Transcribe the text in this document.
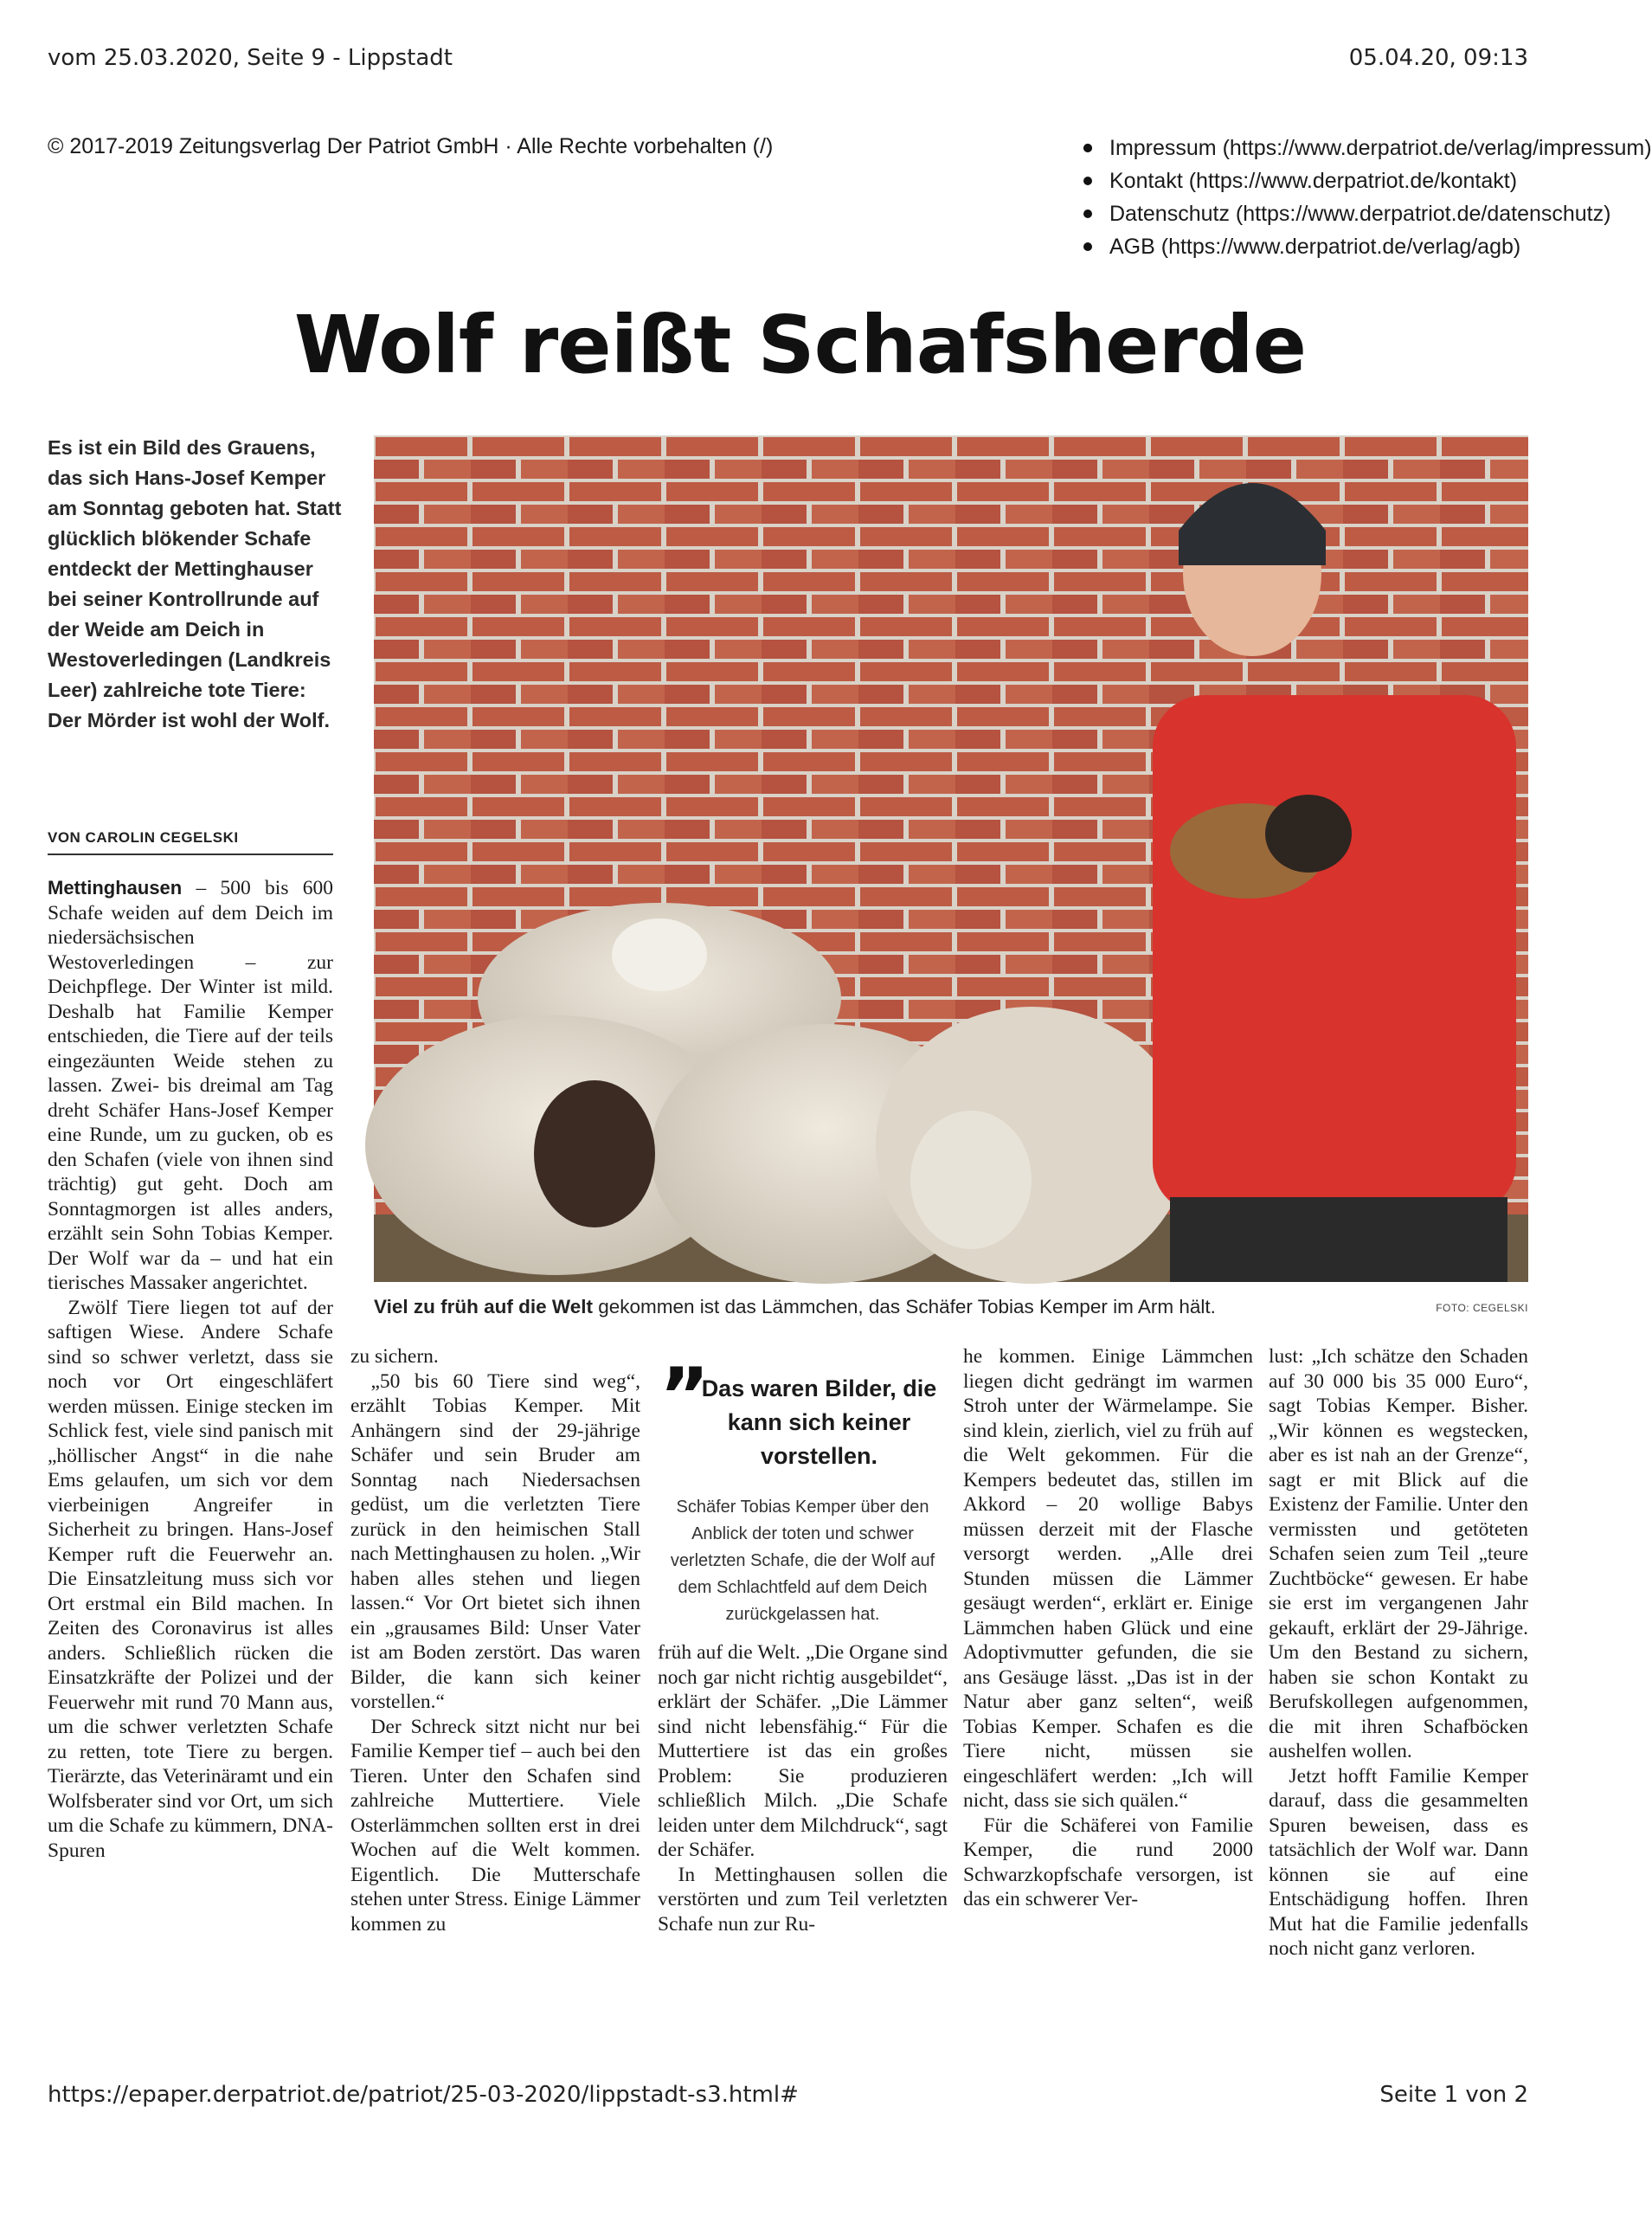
vom 25.03.2020, Seite 9 - Lippstadt	05.04.20, 09:13
© 2017-2019 Zeitungsverlag Der Patriot GmbH · Alle Rechte vorbehalten (/)	Impressum (https://www.derpatriot.de/verlag/impressum)
Kontakt (https://www.derpatriot.de/kontakt)
Datenschutz (https://www.derpatriot.de/datenschutz)
AGB (https://www.derpatriot.de/verlag/agb)
Wolf reißt Schafsherde
Es ist ein Bild des Grauens, das sich Hans-Josef Kemper am Sonntag geboten hat. Statt glücklich blökender Schafe entdeckt der Mettinghauser bei seiner Kontrollrunde auf der Weide am Deich in Westoverledingen (Landkreis Leer) zahlreiche tote Tiere: Der Mörder ist wohl der Wolf.
VON CAROLIN CEGELSKI
Viel zu früh auf die Welt gekommen ist das Lämmchen, das Schäfer Tobias Kemper im Arm hält.	FOTO: CEGELSKI

Mettinghausen – 500 bis 600 Schafe weiden auf dem Deich im niedersächsischen Westoverledingen – zur Deichpflege. Der Winter ist mild. Deshalb hat Familie Kemper entschieden, die Tiere auf der teils eingezäunten Weide stehen zu lassen. Zwei- bis dreimal am Tag dreht Schäfer Hans-Josef Kemper eine Runde, um zu gucken, ob es den Schafen (viele von ihnen sind trächtig) gut geht. Doch am Sonntagmorgen ist alles anders, erzählt sein Sohn Tobias Kemper. Der Wolf war da – und hat ein tierisches Massaker angerichtet.

Zwölf Tiere liegen tot auf der saftigen Wiese. Andere Schafe sind so schwer verletzt, dass sie noch vor Ort eingeschläfert werden müssen. Einige stecken im Schlick fest, viele sind panisch mit „höllischer Angst“ in die nahe Ems gelaufen, um sich vor dem vierbeinigen Angreifer in Sicherheit zu bringen. Hans-Josef Kemper ruft die Feuerwehr an. Die Einsatzleitung muss sich vor Ort erstmal ein Bild machen. In Zeiten des Coronavirus ist alles anders. Schließlich rücken die Einsatzkräfte der Polizei und der Feuerwehr mit rund 70 Mann aus, um die schwer verletzten Schafe zu retten, tote Tiere zu bergen. Tierärzte, das Veterinäramt und ein Wolfsberater sind vor Ort, um sich um die Schafe zu kümmern, DNA-Spuren

zu sichern.

„50 bis 60 Tiere sind weg“, erzählt Tobias Kemper. Mit Anhängern sind der 29-jährige Schäfer und sein Bruder am Sonntag nach Niedersachsen gedüst, um die verletzten Tiere zurück in den heimischen Stall nach Mettinghausen zu holen. „Wir haben alles stehen und liegen lassen.“ Vor Ort bietet sich ihnen ein „grausames Bild: Unser Vater ist am Boden zerstört. Das waren Bilder, die kann sich keiner vorstellen.“

Der Schreck sitzt nicht nur bei Familie Kemper tief – auch bei den Tieren. Unter den Schafen sind zahlreiche Muttertiere. Viele Osterlämmchen sollten erst in drei Wochen auf die Welt kommen. Eigentlich. Die Mutterschafe stehen unter Stress. Einige Lämmer kommen zu

”
Das waren Bilder, die kann sich keiner vorstellen.
Schäfer Tobias Kemper über den Anblick der toten und schwer verletzten Schafe, die der Wolf auf dem Schlachtfeld auf dem Deich zurückgelassen hat.

früh auf die Welt. „Die Organe sind noch gar nicht richtig ausgebildet“, erklärt der Schäfer. „Die Lämmer sind nicht lebensfähig.“ Für die Muttertiere ist das ein großes Problem: Sie produzieren schließlich Milch. „Die Schafe leiden unter dem Milchdruck“, sagt der Schäfer.

In Mettinghausen sollen die verstörten und zum Teil verletzten Schafe nun zur Ru-

he kommen. Einige Lämmchen liegen dicht gedrängt im warmen Stroh unter der Wärmelampe. Sie sind klein, zierlich, viel zu früh auf die Welt gekommen. Für die Kempers bedeutet das, stillen im Akkord – 20 wollige Babys müssen derzeit mit der Flasche versorgt werden. „Alle drei Stunden müssen die Lämmer gesäugt werden“, erklärt er. Einige Lämmchen haben Glück und eine Adoptivmutter gefunden, die sie ans Gesäuge lässt. „Das ist in der Natur aber ganz selten“, weiß Tobias Kemper. Schafen es die Tiere nicht, müssen sie eingeschläfert werden: „Ich will nicht, dass sie sich quälen.“

Für die Schäferei von Familie Kemper, die rund 2000 Schwarzkopfschafe versorgen, ist das ein schwerer Ver-

lust: „Ich schätze den Schaden auf 30 000 bis 35 000 Euro“, sagt Tobias Kemper. Bisher. „Wir können es wegstecken, aber es ist nah an der Grenze“, sagt er mit Blick auf die Existenz der Familie. Unter den vermissten und getöteten Schafen seien zum Teil „teure Zuchtböcke“ gewesen. Er habe sie erst im vergangenen Jahr gekauft, erklärt der 29-Jährige. Um den Bestand zu sichern, haben sie schon Kontakt zu Berufskollegen aufgenommen, die mit ihren Schafböcken aushelfen wollen.

Jetzt hofft Familie Kemper darauf, dass die gesammelten Spuren beweisen, dass es tatsächlich der Wolf war. Dann können sie auf eine Entschädigung hoffen. Ihren Mut hat die Familie jedenfalls noch nicht ganz verloren.

https://epaper.derpatriot.de/patriot/25-03-2020/lippstadt-s3.html#	Seite 1 von 2
